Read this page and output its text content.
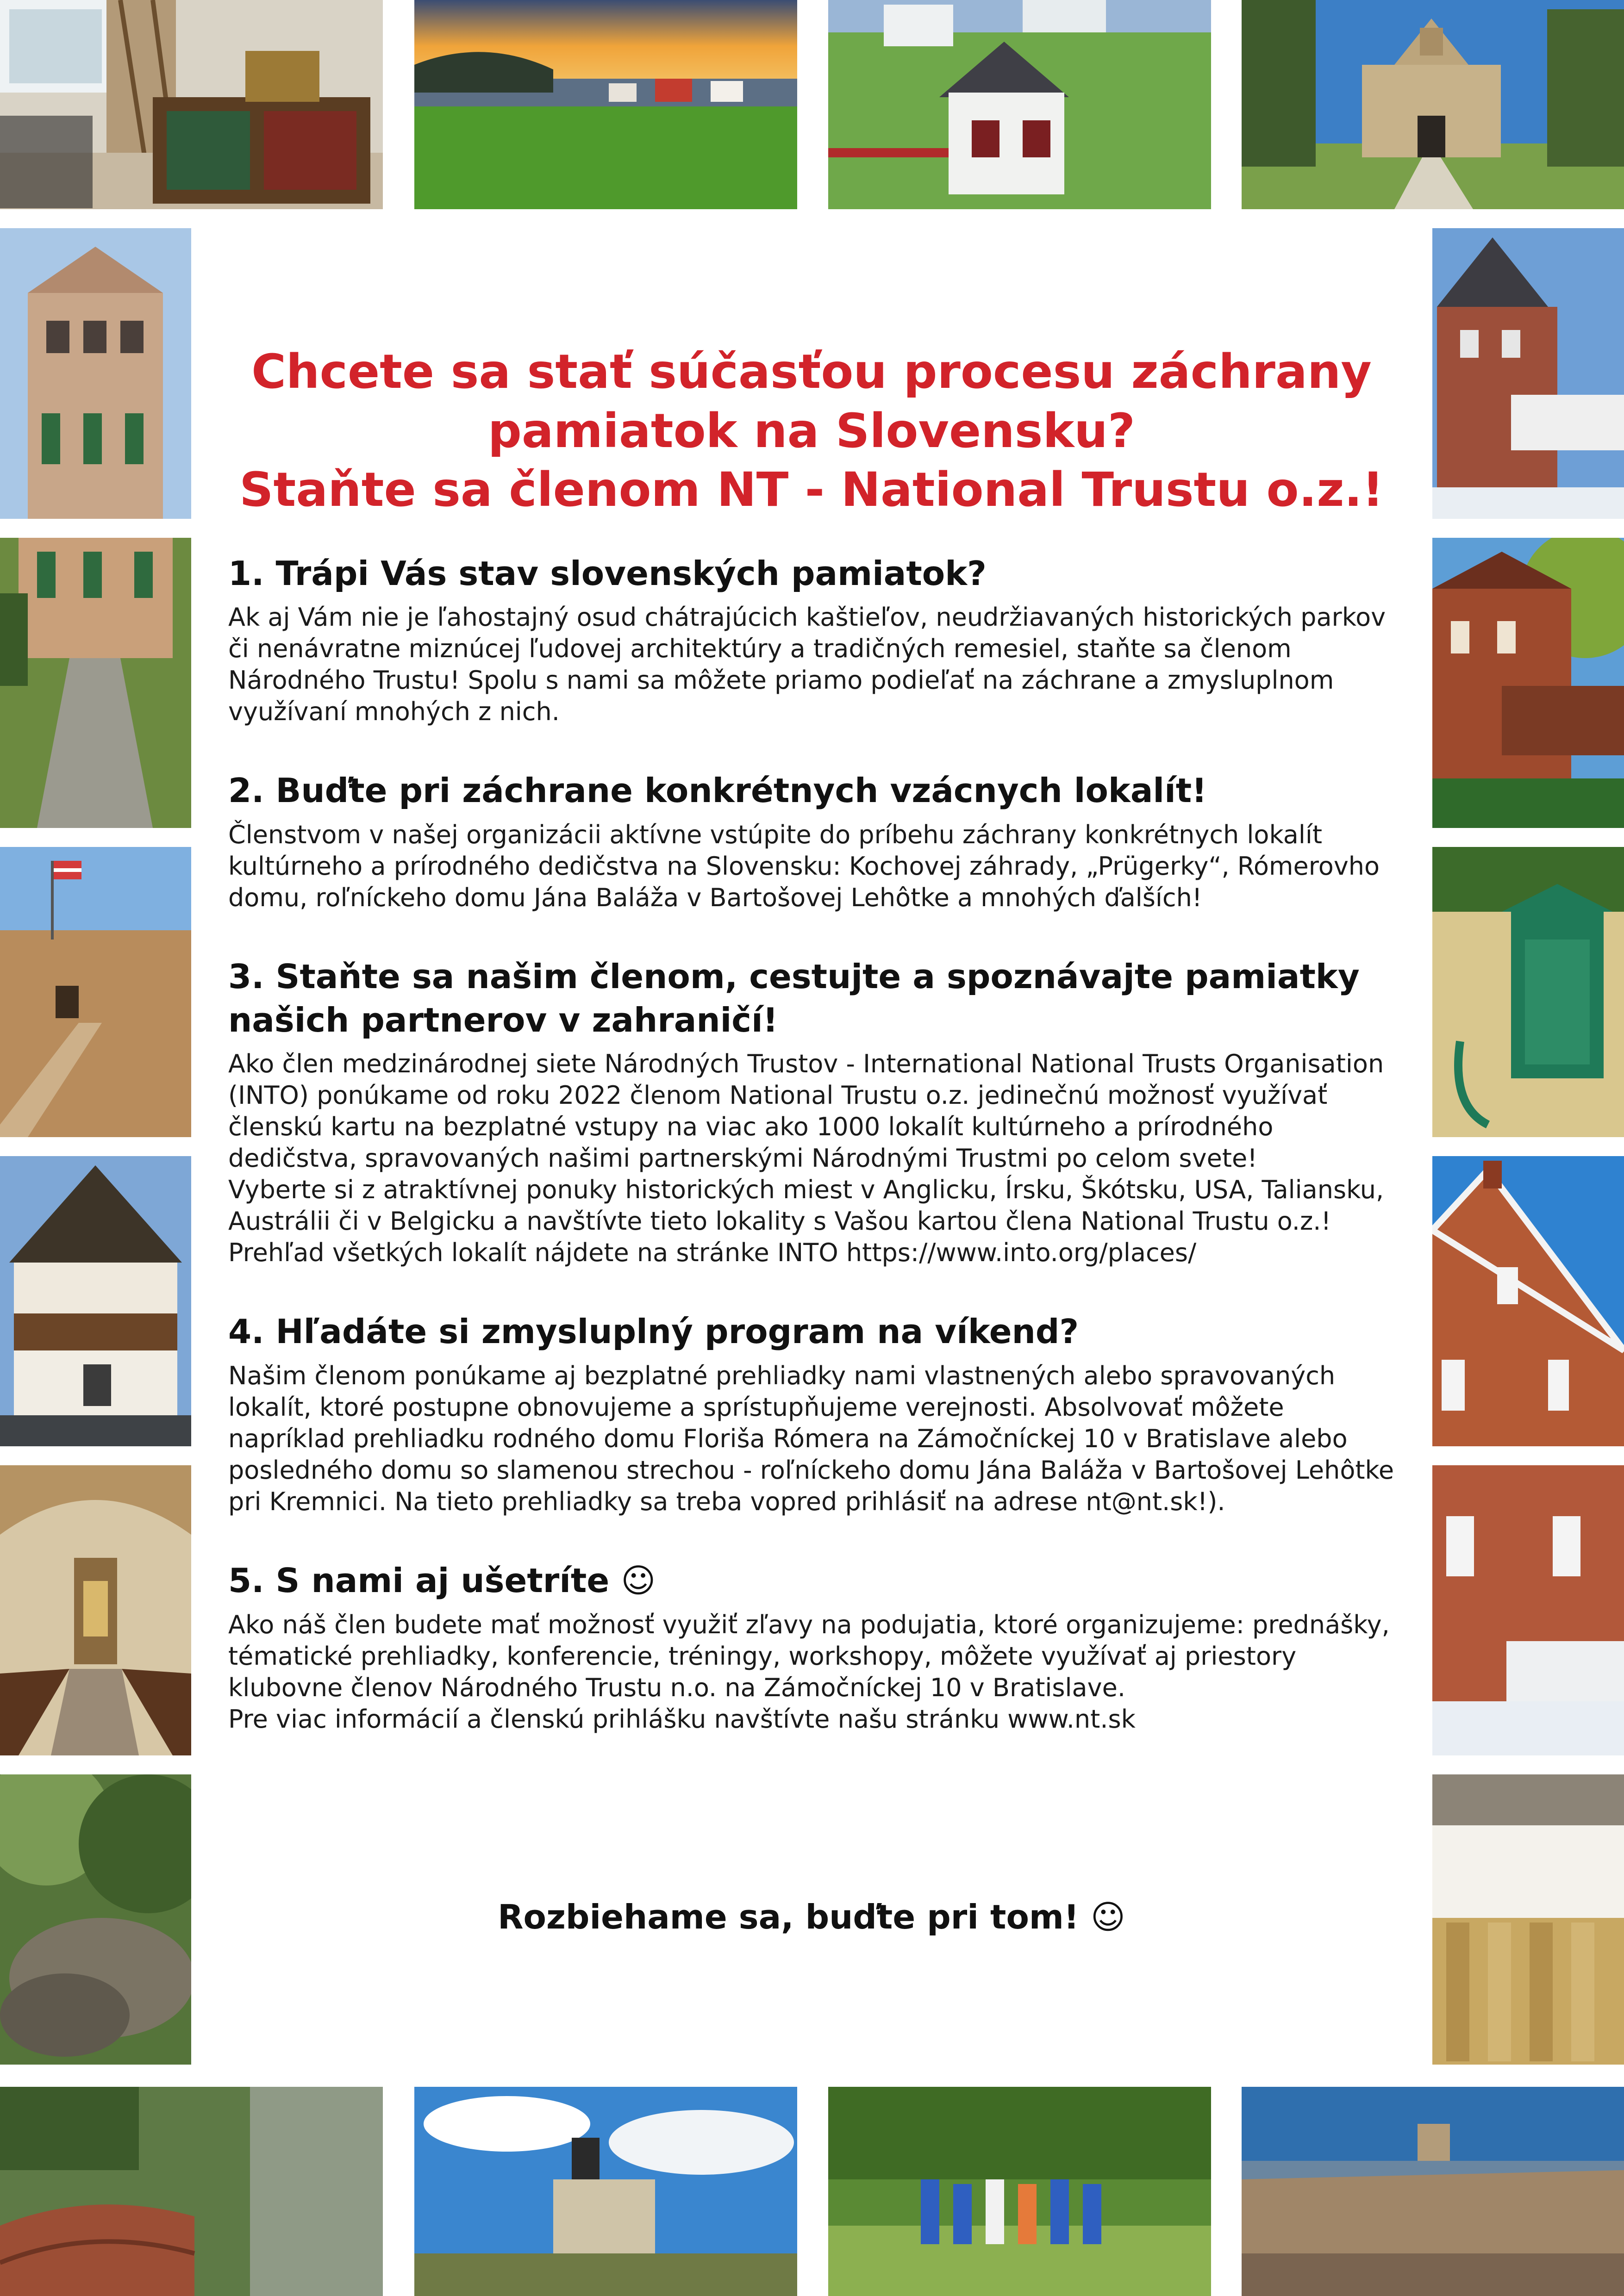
Chcete sa stať súčasťou procesu záchrany
pamiatok na Slovensku?
Staňte sa členom NT - National Trustu o.z.!
1. Trápi Vás stav slovenských pamiatok?

Ak aj Vám nie je ľahostajný osud chátrajúcich kaštieľov, neudržiavaných historických parkov či nenávratne miznúcej ľudovej architektúry a tradičných remesiel, staňte sa členom Národného Trustu! Spolu s nami sa môžete priamo podieľať na záchrane a zmysluplnom využívaní mnohých z nich.

2. Buďte pri záchrane konkrétnych vzácnych lokalít!

Členstvom v našej organizácii aktívne vstúpite do príbehu záchrany konkrétnych lokalít kultúrneho a prírodného dedičstva na Slovensku: Kochovej záhrady, „Prügerky“, Rómerovho domu, roľníckeho domu Jána Baláža v Bartošovej Lehôtke a mnohých ďalších!

3. Staňte sa našim členom, cestujte a spoznávajte pamiatky našich partnerov v zahraničí!

Ako člen medzinárodnej siete Národných Trustov - International National Trusts Organisation (INTO) ponúkame od roku 2022 členom National Trustu o.z. jedinečnú možnosť využívať členskú kartu na bezplatné vstupy na viac ako 1000 lokalít kultúrneho a prírodného dedičstva, spravovaných našimi partnerskými Národnými Trustmi po celom svete!

Vyberte si z atraktívnej ponuky historických miest v Anglicku, Írsku, Škótsku, USA, Taliansku, Austrálii či v Belgicku a navštívte tieto lokality s Vašou kartou člena National Trustu o.z.!

Prehľad všetkých lokalít nájdete na stránke INTO https://www.into.org/places/

4. Hľadáte si zmysluplný program na víkend?

Našim členom ponúkame aj bezplatné prehliadky nami vlastnených alebo spravovaných lokalít, ktoré postupne obnovujeme a sprístupňujeme verejnosti. Absolvovať môžete napríklad prehliadku rodného domu Florišа Rómera na Zámočníckej 10 v Bratislave alebo posledného domu so slamenou strechou - roľníckeho domu Jána Baláža v Bartošovej Lehôtke pri Kremnici. Na tieto prehliadky sa treba vopred prihlásiť na adrese nt@nt.sk!).

5. S nami aj ušetríte ☺

Ako náš člen budete mať možnosť využiť zľavy na podujatia, ktoré organizujeme: prednášky, tématické prehliadky, konferencie, tréningy, workshopy, môžete využívať aj priestory klubovne členov Národného Trustu n.o. na Zámočníckej 10 v Bratislave.

Pre viac informácií a členskú prihlášku navštívte našu stránku www.nt.sk

Rozbiehame sa, buďte pri tom! ☺
